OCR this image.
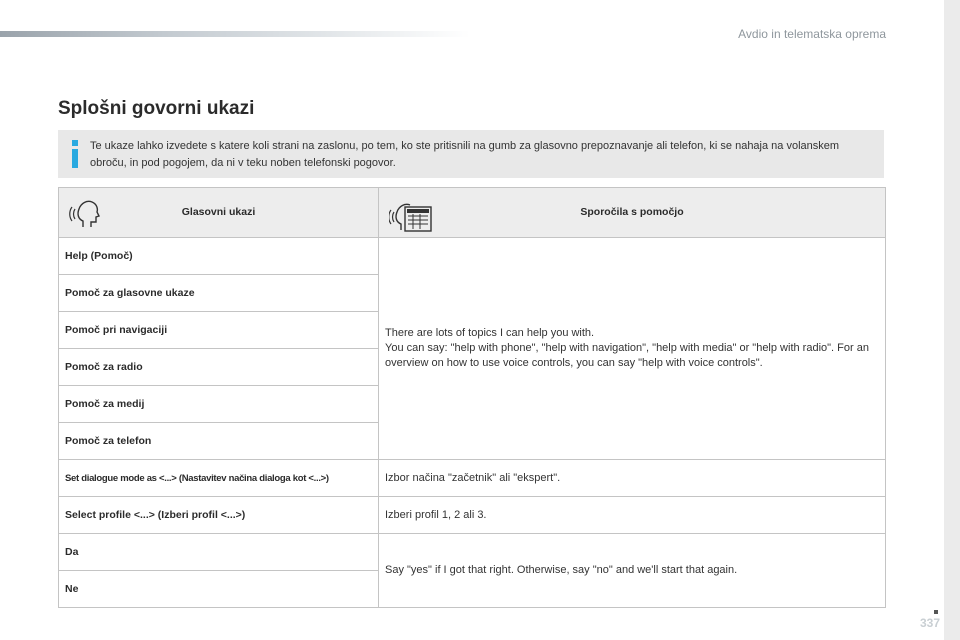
Avdio in telematska oprema
Splošni govorni ukazi
Te ukaze lahko izvedete s katere koli strani na zaslonu, po tem, ko ste pritisnili na gumb za glasovno prepoznavanje ali telefon, ki se nahaja na volanskem obroču, in pod pogojem, da ni v teku noben telefonski pogovor.
Glasovni ukazi	Sporočila s pomočjo

Help (Pomoč)	There are lots of topics I can help you with.
You can say: "help with phone", "help with navigation", "help with media" or "help with radio". For an overview on how to use voice controls, you can say "help with voice controls".

Pomoč za glasovne ukaze	
Pomoč pri navigaciji	
Pomoč za radio	
Pomoč za medij	
Pomoč za telefon	
Set dialogue mode as <...> (Nastavitev načina dialoga kot <...>)	Izbor načina "začetnik" ali "ekspert".
Select profile <...> (Izberi profil <...>)	Izberi profil 1, 2 ali 3.
Da	Say "yes" if I got that right. Otherwise, say "no" and we'll start that again.
Ne	
337
